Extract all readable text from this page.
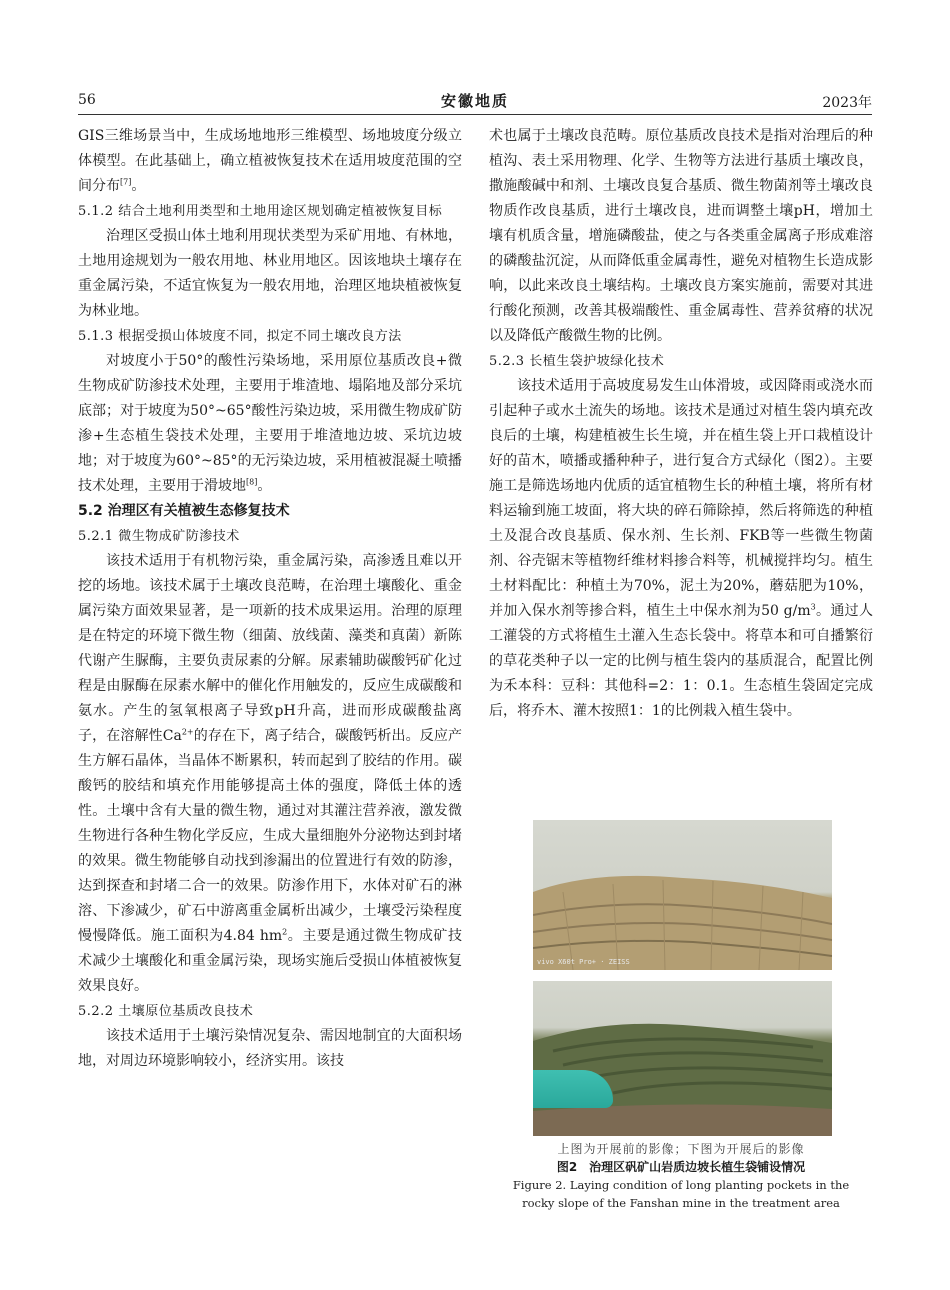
56	安徽地质	2023年

GIS三维场景当中，生成场地地形三维模型、场地坡度分级立体模型。在此基础上，确立植被恢复技术在适用坡度范围的空间分布[7]。

5.1.2 结合土地利用类型和土地用途区规划确定植被恢复目标

治理区受损山体土地利用现状类型为采矿用地、有林地，土地用途规划为一般农用地、林业用地区。因该地块土壤存在重金属污染，不适宜恢复为一般农用地，治理区地块植被恢复为林业地。

5.1.3 根据受损山体坡度不同，拟定不同土壤改良方法

对坡度小于50°的酸性污染场地，采用原位基质改良+微生物成矿防渗技术处理，主要用于堆渣地、塌陷地及部分采坑底部；对于坡度为50°~65°酸性污染边坡，采用微生物成矿防渗+生态植生袋技术处理，主要用于堆渣地边坡、采坑边坡地；对于坡度为60°~85°的无污染边坡，采用植被混凝土喷播技术处理，主要用于滑坡地[8]。

5.2 治理区有关植被生态修复技术

5.2.1 微生物成矿防渗技术

该技术适用于有机物污染，重金属污染，高渗透且难以开挖的场地。该技术属于土壤改良范畴，在治理土壤酸化、重金属污染方面效果显著，是一项新的技术成果运用。治理的原理是在特定的环境下微生物（细菌、放线菌、藻类和真菌）新陈代谢产生脲酶，主要负责尿素的分解。尿素辅助碳酸钙矿化过程是由脲酶在尿素水解中的催化作用触发的，反应生成碳酸和氨水。产生的氢氧根离子导致pH升高，进而形成碳酸盐离子，在溶解性$Ca^{2+}$的存在下，离子结合，碳酸钙析出。反应产生方解石晶体，当晶体不断累积，转而起到了胶结的作用。碳酸钙的胶结和填充作用能够提高土体的强度，降低土体的透性。土壤中含有大量的微生物，通过对其灌注营养液，激发微生物进行各种生物化学反应，生成大量细胞外分泌物达到封堵的效果。微生物能够自动找到渗漏出的位置进行有效的防渗，达到探查和封堵二合一的效果。防渗作用下，水体对矿石的淋溶、下渗减少，矿石中游离重金属析出减少，土壤受污染程度慢慢降低。施工面积为4.84 $hm^2$。主要是通过微生物成矿技术减少土壤酸化和重金属污染，现场实施后受损山体植被恢复效果良好。

5.2.2 土壤原位基质改良技术

该技术适用于土壤污染情况复杂、需因地制宜的大面积场地，对周边环境影响较小，经济实用。该技

术也属于土壤改良范畴。原位基质改良技术是指对治理后的种植沟、表土采用物理、化学、生物等方法进行基质土壤改良，撒施酸碱中和剂、土壤改良复合基质、微生物菌剂等土壤改良物质作改良基质，进行土壤改良，进而调整土壤pH，增加土壤有机质含量，增施磷酸盐，使之与各类重金属离子形成难溶的磷酸盐沉淀，从而降低重金属毒性，避免对植物生长造成影响，以此来改良土壤结构。土壤改良方案实施前，需要对其进行酸化预测，改善其极端酸性、重金属毒性、营养贫瘠的状况以及降低产酸微生物的比例。

5.2.3 长植生袋护坡绿化技术

该技术适用于高坡度易发生山体滑坡，或因降雨或浇水而引起种子或水土流失的场地。该技术是通过对植生袋内填充改良后的土壤，构建植被生长生境，并在植生袋上开口栽植设计好的苗木，喷播或播种种子，进行复合方式绿化（图2）。主要施工是筛选场地内优质的适宜植物生长的种植土壤，将所有材料运输到施工坡面，将大块的碎石筛除掉，然后将筛选的种植土及混合改良基质、保水剂、生长剂、FKB等一些微生物菌剂、谷壳锯末等植物纤维材料掺合料等，机械搅拌均匀。植生土材料配比：种植土为70%，泥土为20%，蘑菇肥为10%，并加入保水剂等掺合料，植生土中保水剂为50 $g/m^3$。通过人工灌袋的方式将植生土灌入生态长袋中。将草本和可自播繁衍的草花类种子以一定的比例与植生袋内的基质混合，配置比例为禾本科：豆科：其他科=2：1：0.1。生态植生袋固定完成后，将乔木、灌木按照1：1的比例栽入植生袋中。

vivo X60t Pro+ · ZEISS
上图为开展前的影像；下图为开展后的影像
图2　治理区矾矿山岩质边坡长植生袋铺设情况
Figure 2. Laying condition of long planting pockets in the
rocky slope of the Fanshan mine in the treatment area
